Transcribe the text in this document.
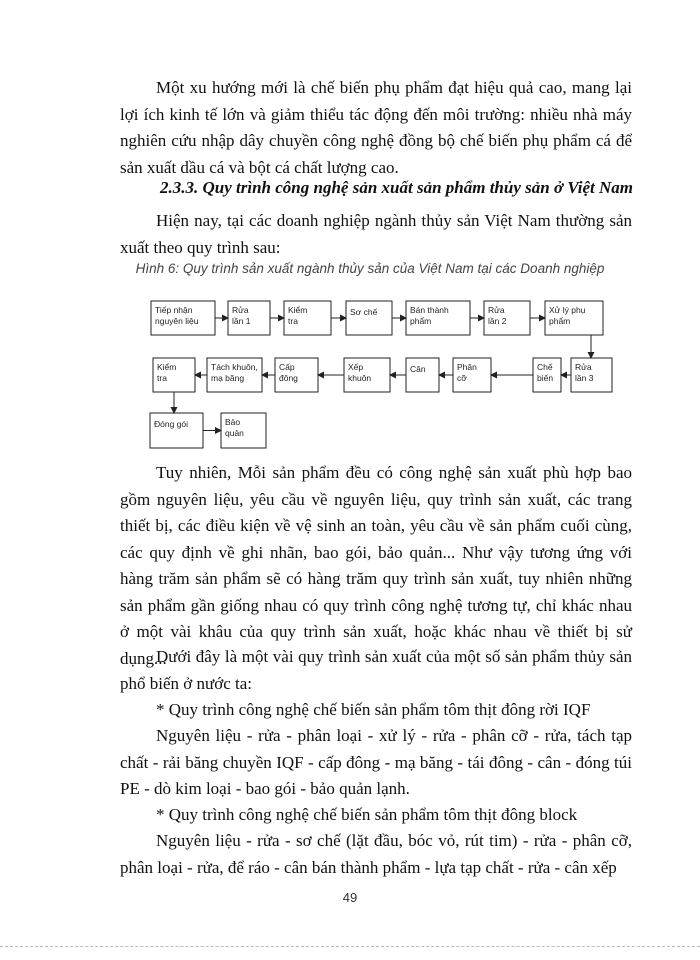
Một xu hướng mới là chế biến phụ phẩm đạt hiệu quả cao, mang lại lợi ích kinh tế lớn và giảm thiểu tác động đến môi trường: nhiều nhà máy nghiên cứu nhập dây chuyền công nghệ đồng bộ chế biến phụ phẩm cá để sản xuất dầu cá và bột cá chất lượng cao.

2.3.3. Quy trình công nghệ sản xuất sản phẩm thủy sản ở Việt Nam

Hiện nay, tại các doanh nghiệp ngành thủy sản Việt Nam thường sản xuất theo quy trình sau:

Hình 6: Quy trình sản xuất ngành thủy sản của Việt Nam tại các Doanh nghiệp

Tiếp nhận
nguyên liệu
Rửa
lần 1
Kiểm
tra
Sơ chế	Bán thành
phẩm
Rửa
lần 2
Xử lý phụ
phẩm
Kiểm
tra
Tách khuôn,
mạ băng
Cấp
đông
Xếp
khuôn
Cân	Phân
cỡ
Chế
biến
Rửa
lần 3
Đóng gói	Bảo
quản

Tuy nhiên, Mỗi sản phẩm đều có công nghệ sản xuất phù hợp bao gồm nguyên liệu, yêu cầu về nguyên liệu, quy trình sản xuất, các trang thiết bị, các điều kiện về vệ sinh an toàn, yêu cầu về sản phẩm cuối cùng, các quy định về ghi nhãn, bao gói, bảo quản... Như vậy tương ứng với hàng trăm sản phẩm sẽ có hàng trăm quy trình sản xuất, tuy nhiên những sản phẩm gần giống nhau có quy trình công nghệ tương tự, chỉ khác nhau ở một vài khâu của quy trình sản xuất, hoặc khác nhau về thiết bị sử dụng...

Dưới đây là một vài quy trình sản xuất của một số sản phẩm thủy sản phổ biến ở nước ta:

* Quy trình công nghệ chế biến sản phẩm tôm thịt đông rời IQF

Nguyên liệu - rửa - phân loại - xử lý - rửa - phân cỡ - rửa, tách tạp chất - rải băng chuyền IQF - cấp đông - mạ băng - tái đông - cân - đóng túi PE - dò kim loại - bao gói - bảo quản lạnh.

* Quy trình công nghệ chế biến sản phẩm tôm thịt đông block

Nguyên liệu - rửa - sơ chế (lặt đầu, bóc vỏ, rút tim) - rửa - phân cỡ, phân loại - rửa, để ráo - cân bán thành phẩm - lựa tạp chất - rửa - cân xếp

49
